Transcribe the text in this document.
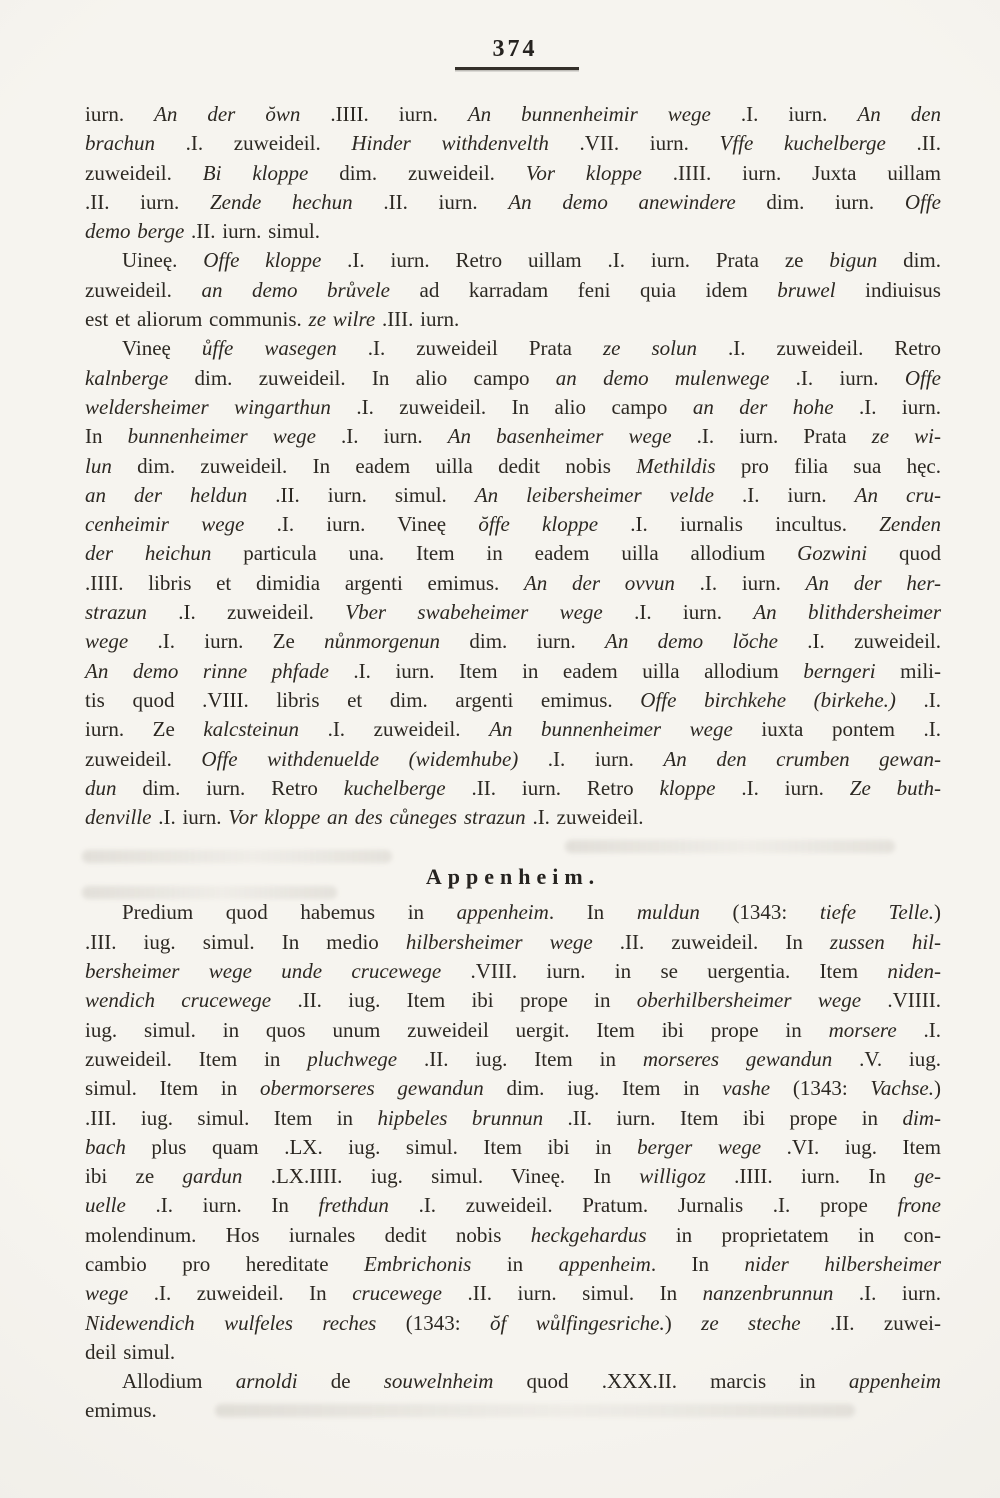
374
iurn. An der ŏwn .IIII. iurn. An bunnenheimir wege .I. iurn. An den
brachun .I. zuweideil. Hinder withdenvelth .VII. iurn. Vffe kuchelberge .II.
zuweideil. Bi kloppe dim. zuweideil. Vor kloppe .IIII. iurn. Juxta uillam
.II. iurn. Zende hechun .II. iurn. An demo anewindere dim. iurn. Offe
demo berge .II. iurn. simul.
Uineę. Offe kloppe .I. iurn. Retro uillam .I. iurn. Prata ze bigun dim.
zuweideil. an demo brůvele ad karradam feni quia idem bruwel indiuisus
est et aliorum communis. ze wilre .III. iurn.
Vineę ůffe wasegen .I. zuweideil Prata ze solun .I. zuweideil. Retro
kalnberge dim. zuweideil. In alio campo an demo mulenwege .I. iurn. Offe
weldersheimer wingarthun .I. zuweideil. In alio campo an der hohe .I. iurn.
In bunnenheimer wege .I. iurn. An basenheimer wege .I. iurn. Prata ze wi-
lun dim. zuweideil. In eadem uilla dedit nobis Methildis pro filia sua hęc.
an der heldun .II. iurn. simul. An leibersheimer velde .I. iurn. An cru-
cenheimir wege .I. iurn. Vineę ŏffe kloppe .I. iurnalis incultus. Zenden
der heichun particula una. Item in eadem uilla allodium Gozwini quod
.IIII. libris et dimidia argenti emimus. An der ovvun .I. iurn. An der her-
strazun .I. zuweideil. Vber swabeheimer wege .I. iurn. An blithdersheimer
wege .I. iurn. Ze nůnmorgenun dim. iurn. An demo lŏche .I. zuweideil.
An demo rinne phfade .I. iurn. Item in eadem uilla allodium berngeri mili-
tis quod .VIII. libris et dim. argenti emimus. Offe birchkehe (birkehe.) .I.
iurn. Ze kalcsteinun .I. zuweideil. An bunnenheimer wege iuxta pontem .I.
zuweideil. Offe withdenuelde (widemhube) .I. iurn. An den crumben gewan-
dun dim. iurn. Retro kuchelberge .II. iurn. Retro kloppe .I. iurn. Ze buth-
denville .I. iurn. Vor kloppe an des cůneges strazun .I. zuweideil.
Appenheim.
Predium quod habemus in appenheim. In muldun (1343: tiefe Telle.)
.III. iug. simul. In medio hilbersheimer wege .II. zuweideil. In zussen hil-
bersheimer wege unde crucewege .VIII. iurn. in se uergentia. Item niden-
wendich crucewege .II. iug. Item ibi prope in oberhilbersheimer wege .VIIII.
iug. simul. in quos unum zuweideil uergit. Item ibi prope in morsere .I.
zuweideil. Item in pluchwege .II. iug. Item in morseres gewandun .V. iug.
simul. Item in obermorseres gewandun dim. iug. Item in vashe (1343: Vachse.)
.III. iug. simul. Item in hipbeles brunnun .II. iurn. Item ibi prope in dim-
bach plus quam .LX. iug. simul. Item ibi in berger wege .VI. iug. Item
ibi ze gardun .LX.IIII. iug. simul. Vineę. In willigoz .IIII. iurn. In ge-
uelle .I. iurn. In frethdun .I. zuweideil. Pratum. Jurnalis .I. prope frone
molendinum. Hos iurnales dedit nobis heckgehardus in proprietatem in con-
cambio pro hereditate Embrichonis in appenheim. In nider hilbersheimer
wege .I. zuweideil. In crucewege .II. iurn. simul. In nanzenbrunnun .I. iurn.
Nidewendich wulfeles reches (1343: ŏf wůlfingesriche.) ze steche .II. zuwei-
deil simul.
Allodium arnoldi de souwelnheim quod .XXX.II. marcis in appenheim
emimus.
